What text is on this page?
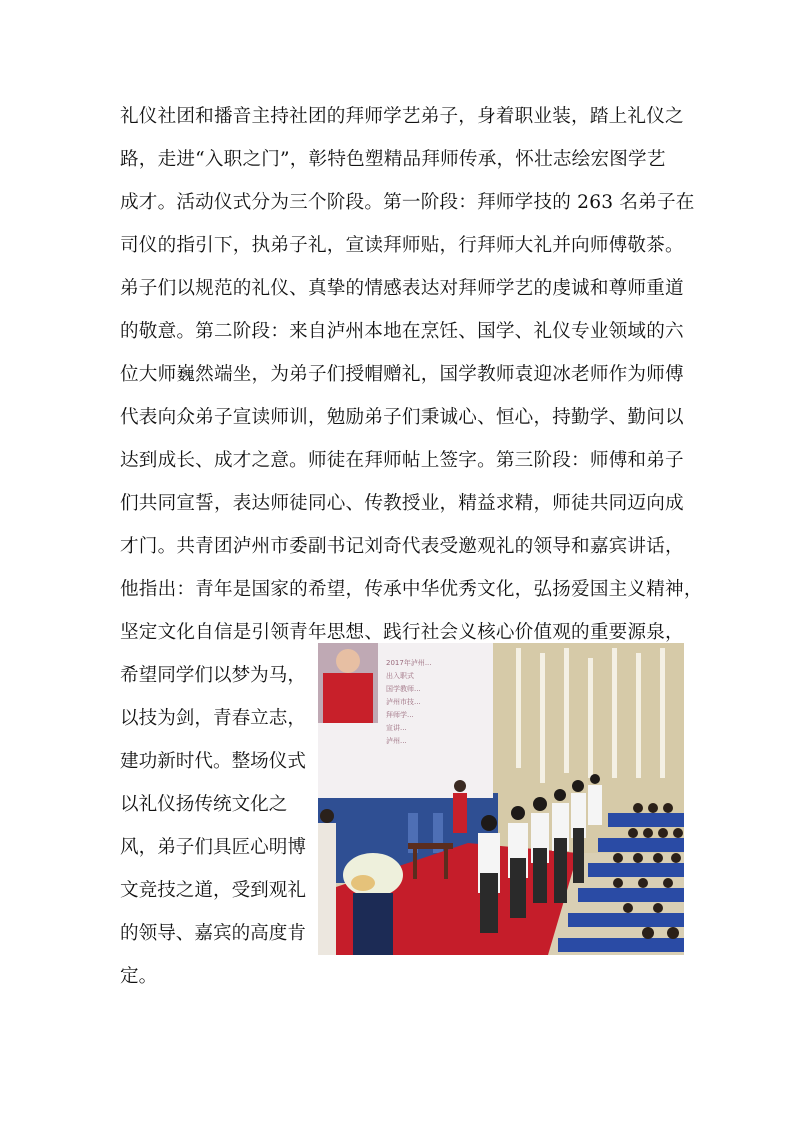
礼仪社团和播音主持社团的拜师学艺弟子，身着职业装，踏上礼仪之
路，走进“入职之门”，彰特色塑精品拜师传承，怀壮志绘宏图学艺
成才。活动仪式分为三个阶段。第一阶段：拜师学技的 263 名弟子在
司仪的指引下，执弟子礼，宣读拜师贴，行拜师大礼并向师傅敬茶。
弟子们以规范的礼仪、真挚的情感表达对拜师学艺的虔诚和尊师重道
的敬意。第二阶段：来自泸州本地在烹饪、国学、礼仪专业领域的六
位大师巍然端坐，为弟子们授帽赠礼，国学教师袁迎冰老师作为师傅
代表向众弟子宣读师训，勉励弟子们秉诚心、恒心，持勤学、勤问以
达到成长、成才之意。师徒在拜师帖上签字。第三阶段：师傅和弟子
们共同宣誓，表达师徒同心、传教授业，精益求精，师徒共同迈向成
才门。共青团泸州市委副书记刘奇代表受邀观礼的领导和嘉宾讲话，
他指出：青年是国家的希望，传承中华优秀文化，弘扬爱国主义精神，
坚定文化自信是引领青年思想、践行社会义核心价值观的重要源泉，
希望同学们以梦为马，
以技为剑，青春立志，
建功新时代。整场仪式
以礼仪扬传统文化之
风，弟子们具匠心明博
文竞技之道，受到观礼
的领导、嘉宾的高度肯
定。
2017年泸州...
出入职式
国学教师...
泸州市技...
拜师学...
宣讲...
泸州...
